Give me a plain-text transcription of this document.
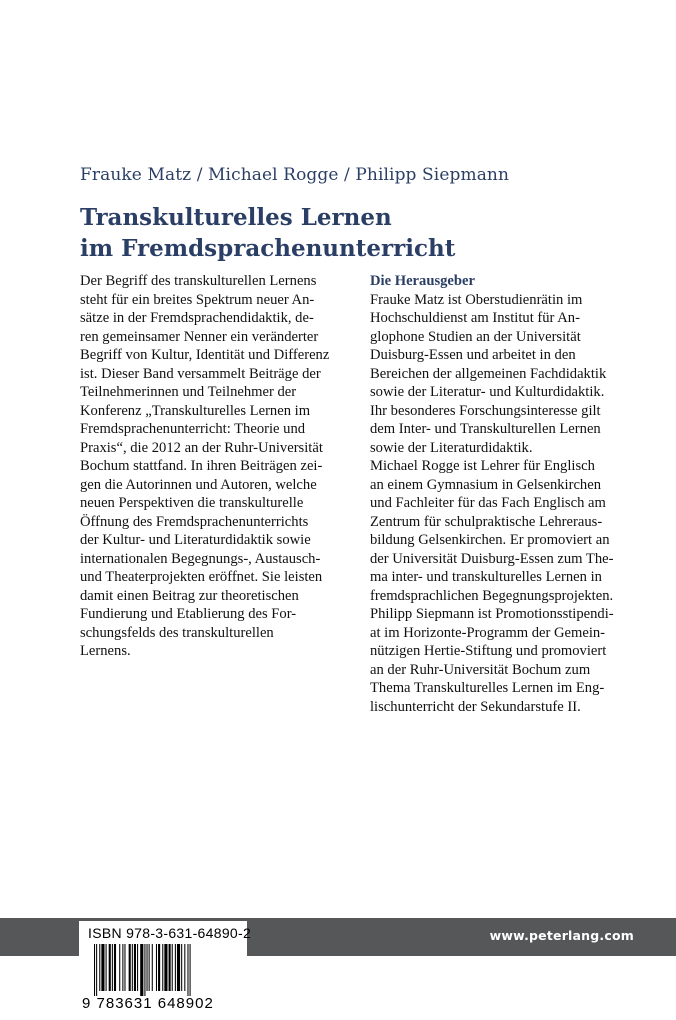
Frauke Matz / Michael Rogge / Philipp Siepmann
Transkulturelles Lernen
im Fremdsprachenunterricht
Der Begriff des transkulturellen Lernens
steht für ein breites Spektrum neuer An-
sätze in der Fremdsprachendidaktik, de-
ren gemeinsamer Nenner ein veränderter
Begriff von Kultur, Identität und Differenz
ist. Dieser Band versammelt Beiträge der
Teilnehmerinnen und Teilnehmer der
Konferenz „Transkulturelles Lernen im
Fremdsprachenunterricht: Theorie und
Praxis“, die 2012 an der Ruhr-Universität
Bochum stattfand. In ihren Beiträgen zei-
gen die Autorinnen und Autoren, welche
neuen Perspektiven die transkulturelle
Öffnung des Fremdsprachenunterrichts
der Kultur- und Literaturdidaktik sowie
internationalen Begegnungs-, Austausch-
und Theaterprojekten eröffnet. Sie leisten
damit einen Beitrag zur theoretischen
Fundierung und Etablierung des For-
schungsfelds des transkulturellen
Lernens.
Die Herausgeber
Frauke Matz ist Oberstudienrätin im
Hochschuldienst am Institut für An-
glophone Studien an der Universität
Duisburg-Essen und arbeitet in den
Bereichen der allgemeinen Fachdidaktik
sowie der Literatur- und Kulturdidaktik.
Ihr besonderes Forschungsinteresse gilt
dem Inter- und Transkulturellen Lernen
sowie der Literaturdidaktik.
Michael Rogge ist Lehrer für Englisch
an einem Gymnasium in Gelsenkirchen
und Fachleiter für das Fach Englisch am
Zentrum für schulpraktische Lehrerаus-
bildung Gelsenkirchen. Er promoviert an
der Universität Duisburg-Essen zum The-
ma inter- und transkulturelles Lernen in
fremdsprachlichen Begegnungsprojekten.
Philipp Siepmann ist Promotionsstipendi-
at im Horizonte-Programm der Gemein-
nützigen Hertie-Stiftung und promoviert
an der Ruhr-Universität Bochum zum
Thema Transkulturelles Lernen im Eng-
lischunterricht der Sekundarstufe II.
www.peterlang.com
ISBN 978-3-631-64890-2
9 783631 648902
